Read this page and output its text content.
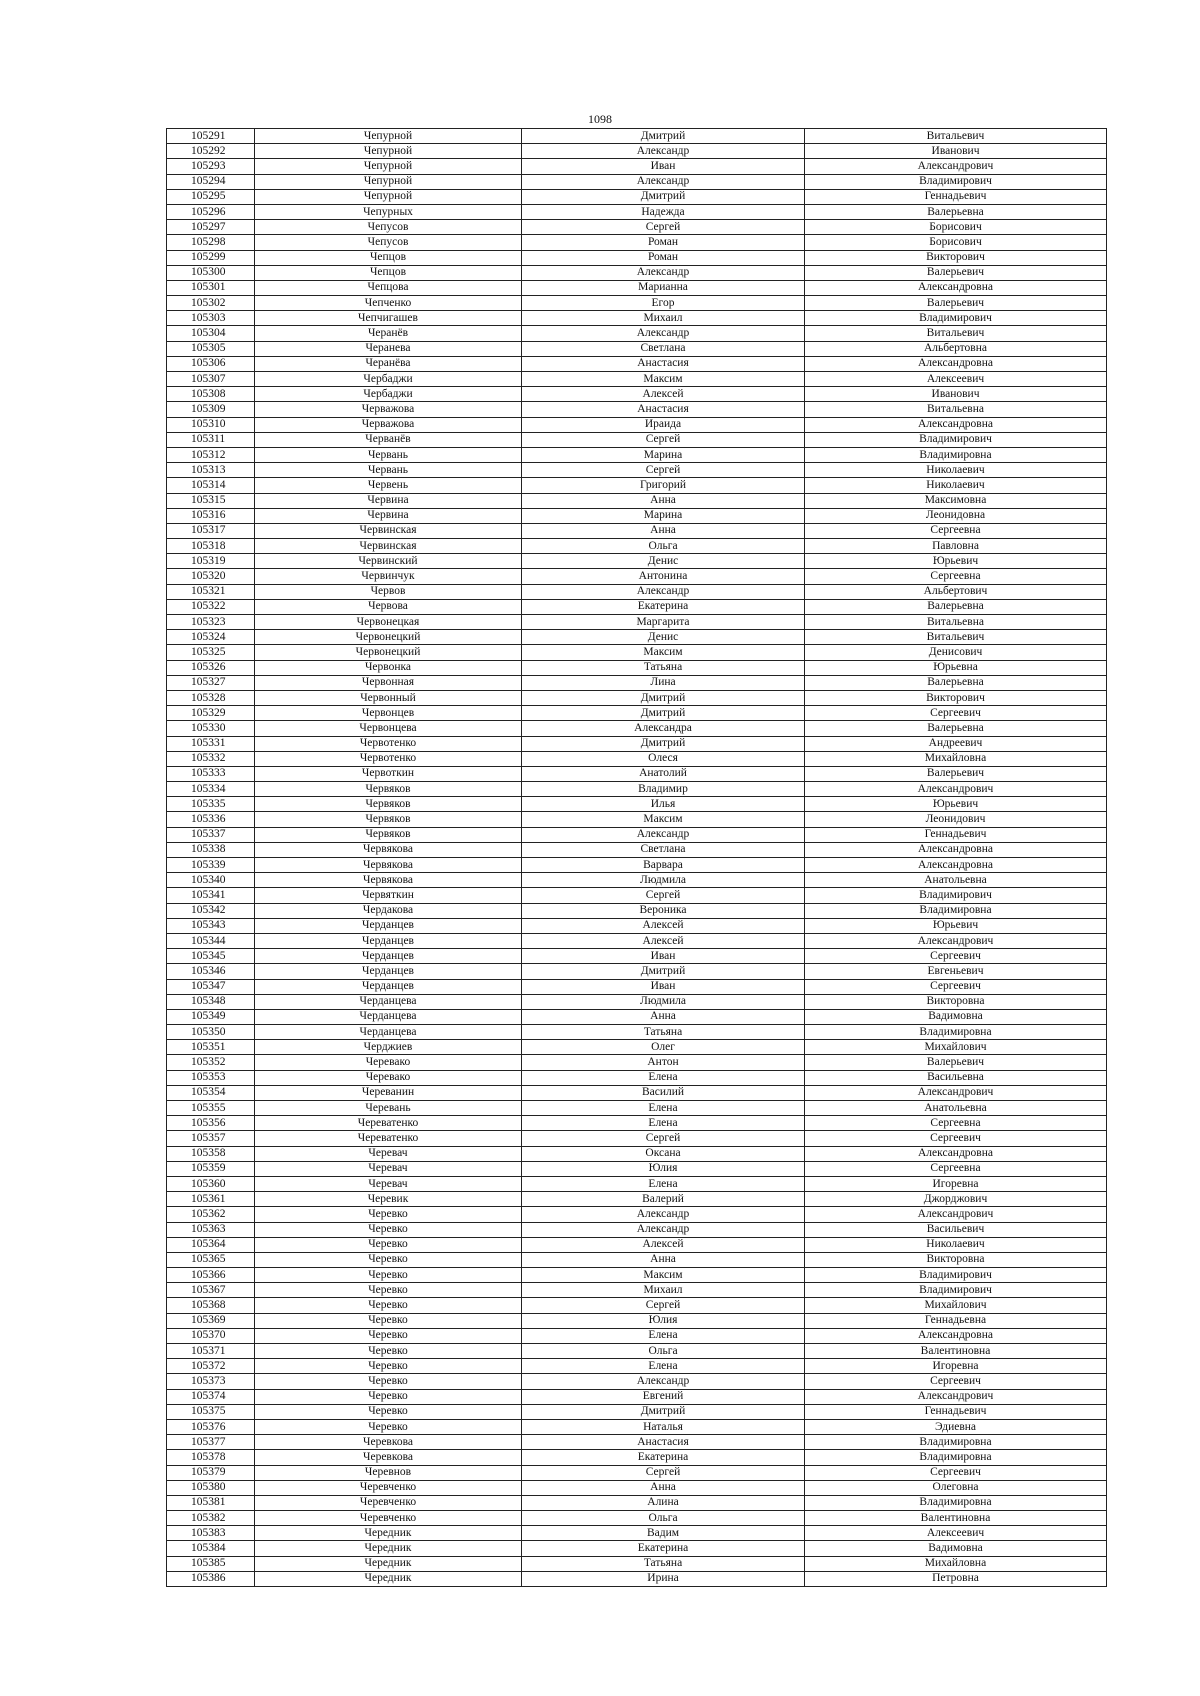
1098
105291	Чепурной	Дмитрий	Витальевич
105292	Чепурной	Александр	Иванович
105293	Чепурной	Иван	Александрович
105294	Чепурной	Александр	Владимирович
105295	Чепурной	Дмитрий	Геннадьевич
105296	Чепурных	Надежда	Валерьевна
105297	Чепусов	Сергей	Борисович
105298	Чепусов	Роман	Борисович
105299	Чепцов	Роман	Викторович
105300	Чепцов	Александр	Валерьевич
105301	Чепцова	Марианна	Александровна
105302	Чепченко	Егор	Валерьевич
105303	Чепчигашев	Михаил	Владимирович
105304	Черанёв	Александр	Витальевич
105305	Черанева	Светлана	Альбертовна
105306	Черанёва	Анастасия	Александровна
105307	Чербаджи	Максим	Алексеевич
105308	Чербаджи	Алексей	Иванович
105309	Черважова	Анастасия	Витальевна
105310	Черважова	Ираида	Александровна
105311	Черванёв	Сергей	Владимирович
105312	Червань	Марина	Владимировна
105313	Червань	Сергей	Николаевич
105314	Червень	Григорий	Николаевич
105315	Червина	Анна	Максимовна
105316	Червина	Марина	Леонидовна
105317	Червинская	Анна	Сергеевна
105318	Червинская	Ольга	Павловна
105319	Червинский	Денис	Юрьевич
105320	Червинчук	Антонина	Сергеевна
105321	Червов	Александр	Альбертович
105322	Червова	Екатерина	Валерьевна
105323	Червонецкая	Маргарита	Витальевна
105324	Червонецкий	Денис	Витальевич
105325	Червонецкий	Максим	Денисович
105326	Червонка	Татьяна	Юрьевна
105327	Червонная	Лина	Валерьевна
105328	Червонный	Дмитрий	Викторович
105329	Червонцев	Дмитрий	Сергеевич
105330	Червонцева	Александра	Валерьевна
105331	Червотенко	Дмитрий	Андреевич
105332	Червотенко	Олеся	Михайловна
105333	Червоткин	Анатолий	Валерьевич
105334	Червяков	Владимир	Александрович
105335	Червяков	Илья	Юрьевич
105336	Червяков	Максим	Леонидович
105337	Червяков	Александр	Геннадьевич
105338	Червякова	Светлана	Александровна
105339	Червякова	Варвара	Александровна
105340	Червякова	Людмила	Анатольевна
105341	Червяткин	Сергей	Владимирович
105342	Чердакова	Вероника	Владимировна
105343	Черданцев	Алексей	Юрьевич
105344	Черданцев	Алексей	Александрович
105345	Черданцев	Иван	Сергеевич
105346	Черданцев	Дмитрий	Евгеньевич
105347	Черданцев	Иван	Сергеевич
105348	Черданцева	Людмила	Викторовна
105349	Черданцева	Анна	Вадимовна
105350	Черданцева	Татьяна	Владимировна
105351	Черджиев	Олег	Михайлович
105352	Черевако	Антон	Валерьевич
105353	Черевако	Елена	Васильевна
105354	Череванин	Василий	Александрович
105355	Черевань	Елена	Анатольевна
105356	Череватенко	Елена	Сергеевна
105357	Череватенко	Сергей	Сергеевич
105358	Черевач	Оксана	Александровна
105359	Черевач	Юлия	Сергеевна
105360	Черевач	Елена	Игоревна
105361	Черевик	Валерий	Джорджович
105362	Черевко	Александр	Александрович
105363	Черевко	Александр	Васильевич
105364	Черевко	Алексей	Николаевич
105365	Черевко	Анна	Викторовна
105366	Черевко	Максим	Владимирович
105367	Черевко	Михаил	Владимирович
105368	Черевко	Сергей	Михайлович
105369	Черевко	Юлия	Геннадьевна
105370	Черевко	Елена	Александровна
105371	Черевко	Ольга	Валентиновна
105372	Черевко	Елена	Игоревна
105373	Черевко	Александр	Сергеевич
105374	Черевко	Евгений	Александрович
105375	Черевко	Дмитрий	Геннадьевич
105376	Черевко	Наталья	Эдиевна
105377	Черевкова	Анастасия	Владимировна
105378	Черевкова	Екатерина	Владимировна
105379	Черевнов	Сергей	Сергеевич
105380	Черевченко	Анна	Олеговна
105381	Черевченко	Алина	Владимировна
105382	Черевченко	Ольга	Валентиновна
105383	Чередник	Вадим	Алексеевич
105384	Чередник	Екатерина	Вадимовна
105385	Чередник	Татьяна	Михайловна
105386	Чередник	Ирина	Петровна
